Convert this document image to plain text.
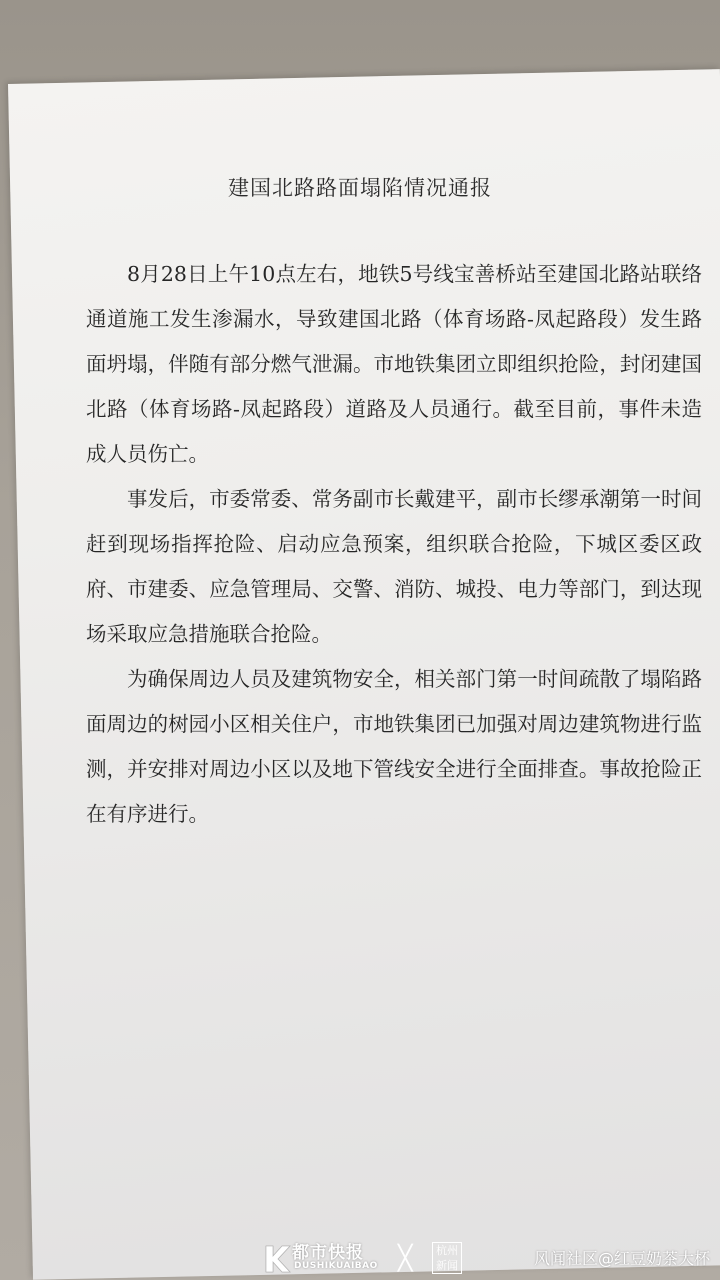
建国北路路面塌陷情况通报

8月28日上午10点左右，地铁5号线宝善桥站至建国北路站联络通道施工发生渗漏水，导致建国北路（体育场路-凤起路段）发生路面坍塌，伴随有部分燃气泄漏。市地铁集团立即组织抢险，封闭建国北路（体育场路-凤起路段）道路及人员通行。截至目前，事件未造成人员伤亡。

事发后，市委常委、常务副市长戴建平，副市长缪承潮第一时间赶到现场指挥抢险、启动应急预案，组织联合抢险，下城区委区政府、市建委、应急管理局、交警、消防、城投、电力等部门，到达现场采取应急措施联合抢险。

为确保周边人员及建筑物安全，相关部门第一时间疏散了塌陷路面周边的树园小区相关住户，市地铁集团已加强对周边建筑物进行监测，并安排对周边小区以及地下管线安全进行全面排查。事故抢险正在有序进行。

都市快报
DUSHIKUAIBAO ╳ 杭州
新闻	风闻社区@红豆奶茶大杯
